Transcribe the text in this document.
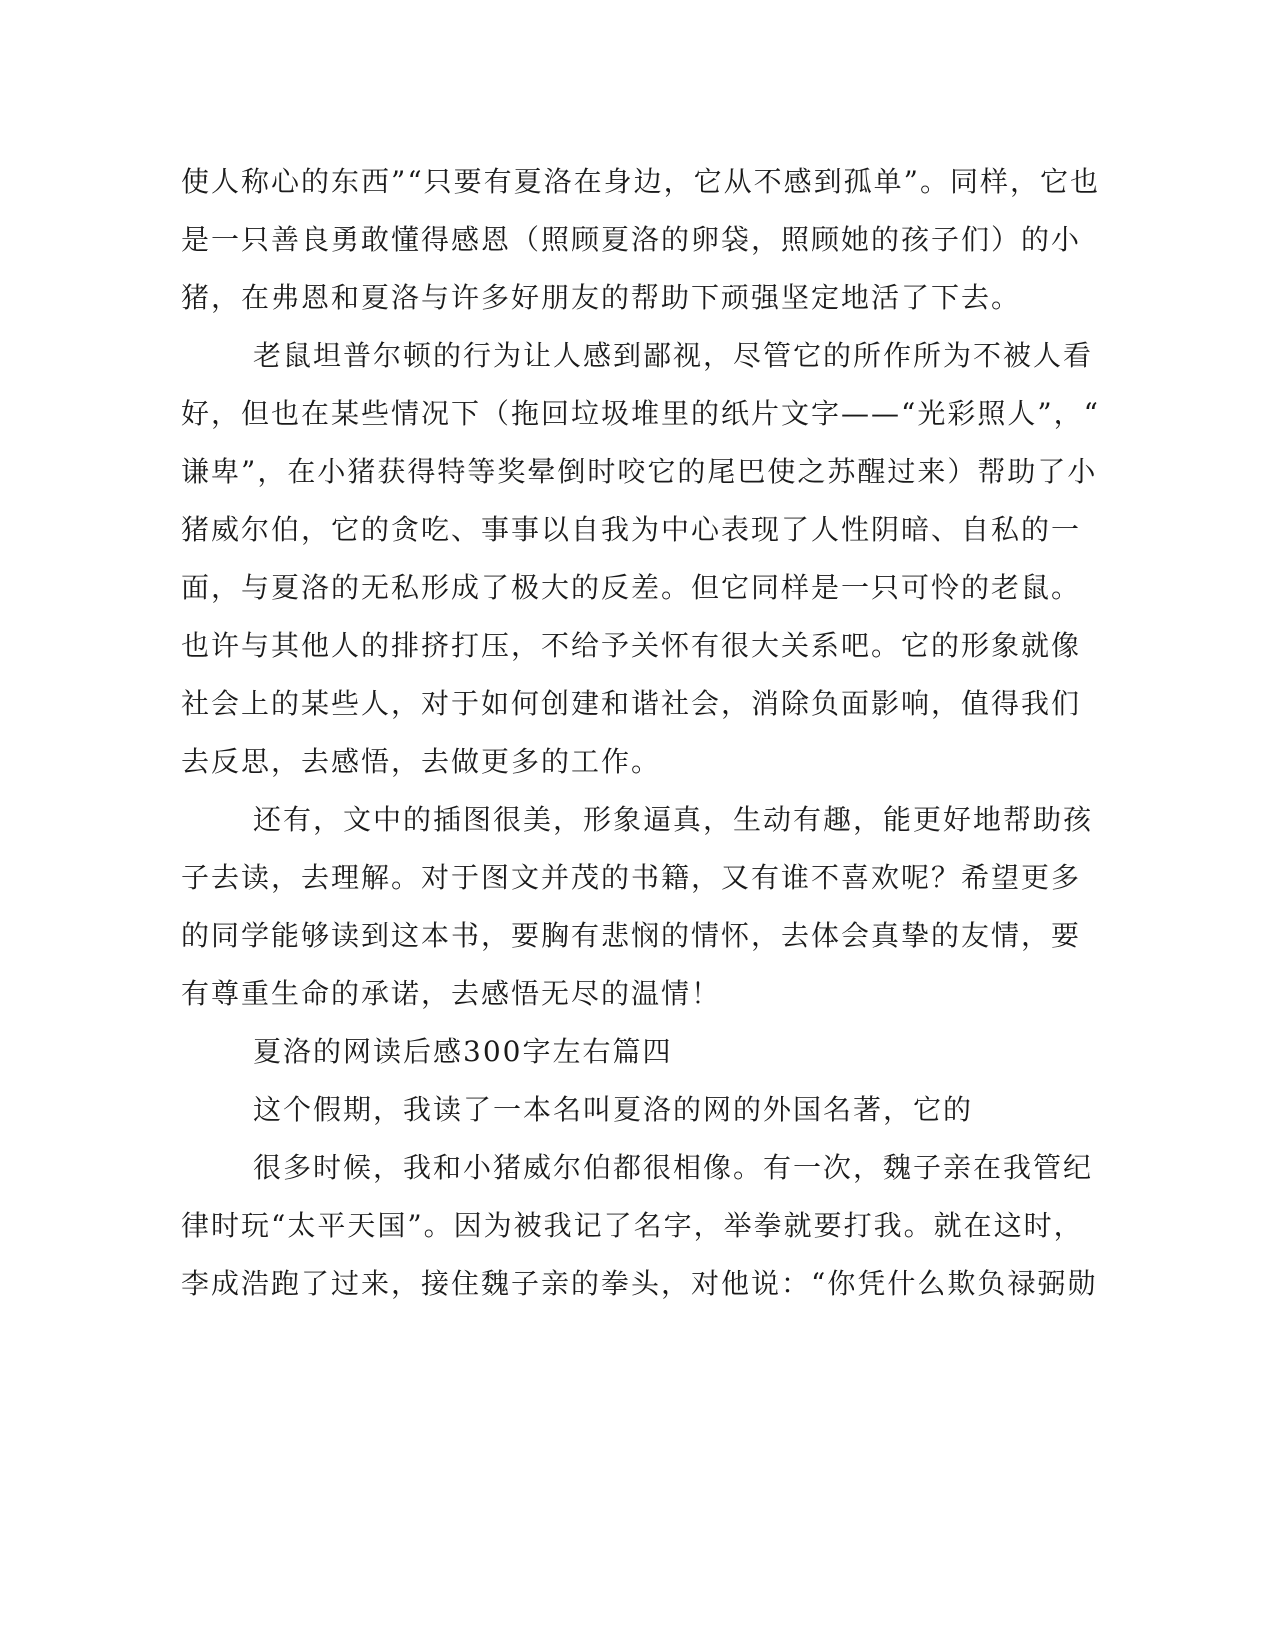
使人称心的东西”“只要有夏洛在身边，它从不感到孤单”。同样，它也
是一只善良勇敢懂得感恩（照顾夏洛的卵袋，照顾她的孩子们）的小
猪，在弗恩和夏洛与许多好朋友的帮助下顽强坚定地活了下去。
老鼠坦普尔顿的行为让人感到鄙视，尽管它的所作所为不被人看
好，但也在某些情况下（拖回垃圾堆里的纸片文字——“光彩照人”，“
谦卑”，在小猪获得特等奖晕倒时咬它的尾巴使之苏醒过来）帮助了小
猪威尔伯，它的贪吃、事事以自我为中心表现了人性阴暗、自私的一
面，与夏洛的无私形成了极大的反差。但它同样是一只可怜的老鼠。
也许与其他人的排挤打压，不给予关怀有很大关系吧。它的形象就像
社会上的某些人，对于如何创建和谐社会，消除负面影响，值得我们
去反思，去感悟，去做更多的工作。
还有，文中的插图很美，形象逼真，生动有趣，能更好地帮助孩
子去读，去理解。对于图文并茂的书籍，又有谁不喜欢呢？希望更多
的同学能够读到这本书，要胸有悲悯的情怀，去体会真挚的友情，要
有尊重生命的承诺，去感悟无尽的温情！
夏洛的网读后感300字左右篇四
这个假期，我读了一本名叫夏洛的网的外国名著，它的
很多时候，我和小猪威尔伯都很相像。有一次，魏子亲在我管纪
律时玩“太平天国”。因为被我记了名字，举拳就要打我。就在这时，
李成浩跑了过来，接住魏子亲的拳头，对他说：“你凭什么欺负禄弼勋
